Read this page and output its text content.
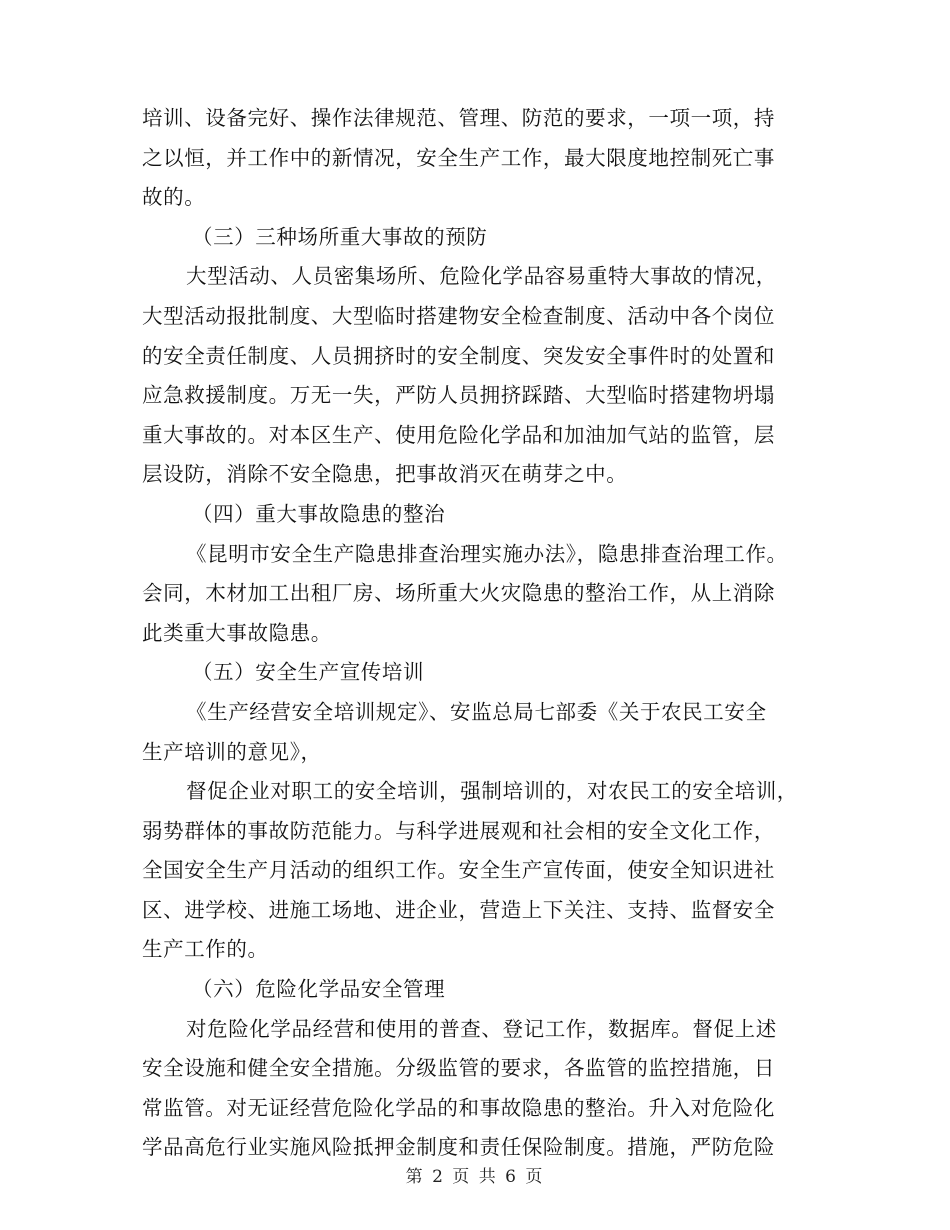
培训、设备完好、操作法律规范、管理、防范的要求，一项一项，持
之以恒，并工作中的新情况，安全生产工作，最大限度地控制死亡事
故的。
（三）三种场所重大事故的预防
大型活动、人员密集场所、危险化学品容易重特大事故的情况，
大型活动报批制度、大型临时搭建物安全检查制度、活动中各个岗位
的安全责任制度、人员拥挤时的安全制度、突发安全事件时的处置和
应急救援制度。万无一失，严防人员拥挤踩踏、大型临时搭建物坍塌
重大事故的。对本区生产、使用危险化学品和加油加气站的监管，层
层设防，消除不安全隐患，把事故消灭在萌芽之中。
（四）重大事故隐患的整治
《昆明市安全生产隐患排查治理实施办法》，隐患排查治理工作。
会同，木材加工出租厂房、场所重大火灾隐患的整治工作，从上消除
此类重大事故隐患。
（五）安全生产宣传培训
《生产经营安全培训规定》、安监总局七部委《关于农民工安全
生产培训的意见》，
督促企业对职工的安全培训，强制培训的，对农民工的安全培训，
弱势群体的事故防范能力。与科学进展观和社会相的安全文化工作，
全国安全生产月活动的组织工作。安全生产宣传面，使安全知识进社
区、进学校、进施工场地、进企业，营造上下关注、支持、监督安全
生产工作的。
（六）危险化学品安全管理
对危险化学品经营和使用的普查、登记工作，数据库。督促上述
安全设施和健全安全措施。分级监管的要求，各监管的监控措施，日
常监管。对无证经营危险化学品的和事故隐患的整治。升入对危险化
学品高危行业实施风险抵押金制度和责任保险制度。措施，严防危险
第 2 页 共 6 页
